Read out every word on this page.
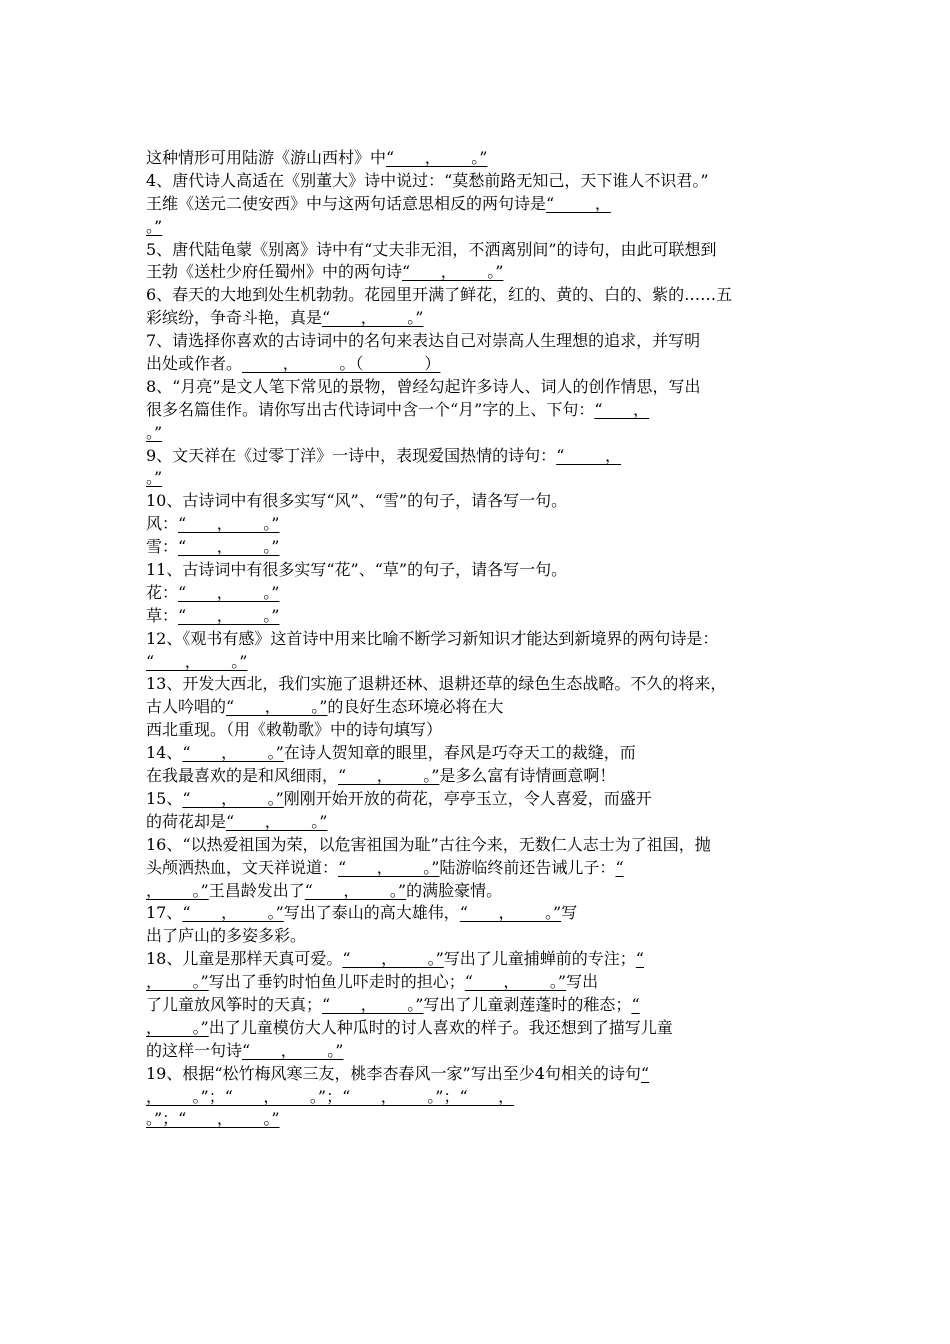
这种情形可用陆游《游山西村》中“      ，      。”
4、唐代诗人高适在《别董大》诗中说过：“莫愁前路无知己，天下谁人不识君。”
王维《送元二使安西》中与这两句话意思相反的两句诗是“        ，
。”
5、唐代陆龟蒙《别离》诗中有“丈夫非无泪，不洒离别间”的诗句，由此可联想到
王勃《送杜少府任蜀州》中的两句诗“      ，      。”
6、春天的大地到处生机勃勃。花园里开满了鲜花，红的、黄的、白的、紫的……五
彩缤纷，争奇斗艳，真是“      ，      。”
7、请选择你喜欢的古诗词中的名句来表达自己对崇高人生理想的追求，并写明
出处或作者。        ，        。（            ）
8、“月亮”是文人笔下常见的景物，曾经勾起许多诗人、词人的创作情思，写出
很多名篇佳作。请你写出古代诗词中含一个“月”字的上、下句：“      ，
。”
9、文天祥在《过零丁洋》一诗中，表现爱国热情的诗句：“        ，
。”
10、古诗词中有很多实写“风”、“雪”的句子，请各写一句。
风：“      ，      。”
雪：“      ，      。”
11、古诗词中有很多实写“花”、“草”的句子，请各写一句。
花：“      ，      。”
草：“      ，      。”
12、《观书有感》这首诗中用来比喻不断学习新知识才能达到新境界的两句诗是：
“      ，      。”
13、开发大西北，我们实施了退耕还林、退耕还草的绿色生态战略。不久的将来，
古人吟唱的“      ，      。”的良好生态环境必将在大
西北重现。（用《敕勒歌》中的诗句填写）
14、“      ，      。”在诗人贺知章的眼里，春风是巧夺天工的裁缝，而
在我最喜欢的是和风细雨，“      ，      。”是多么富有诗情画意啊！
15、“      ，      。”刚刚开始开放的荷花，亭亭玉立，令人喜爱，而盛开
的荷花却是“      ，      。”
16、“以热爱祖国为荣，以危害祖国为耻”古往今来，无数仁人志士为了祖国，抛
头颅洒热血，文天祥说道：“      ，      。”陆游临终前还告诫儿子：“
，      。”王昌龄发出了“      ，      。”的满脸豪情。
17、“      ，      。”写出了泰山的高大雄伟，“      ，      。”写
出了庐山的多姿多彩。
18、儿童是那样天真可爱。“      ，      。”写出了儿童捕蝉前的专注；“
，      。”写出了垂钓时怕鱼儿吓走时的担心；“      ，      。”写出
了儿童放风筝时的天真；“      ，      。”写出了儿童剥莲蓬时的稚态；“
，      。”出了儿童模仿大人种瓜时的讨人喜欢的样子。我还想到了描写儿童
的这样一句诗“      ，      。”
19、根据“松竹梅风寒三友，桃李杏春风一家”写出至少4句相关的诗句“
，      。”；“      ，      。”；“      ，      。”；“      ，
。”；“      ，      。”
